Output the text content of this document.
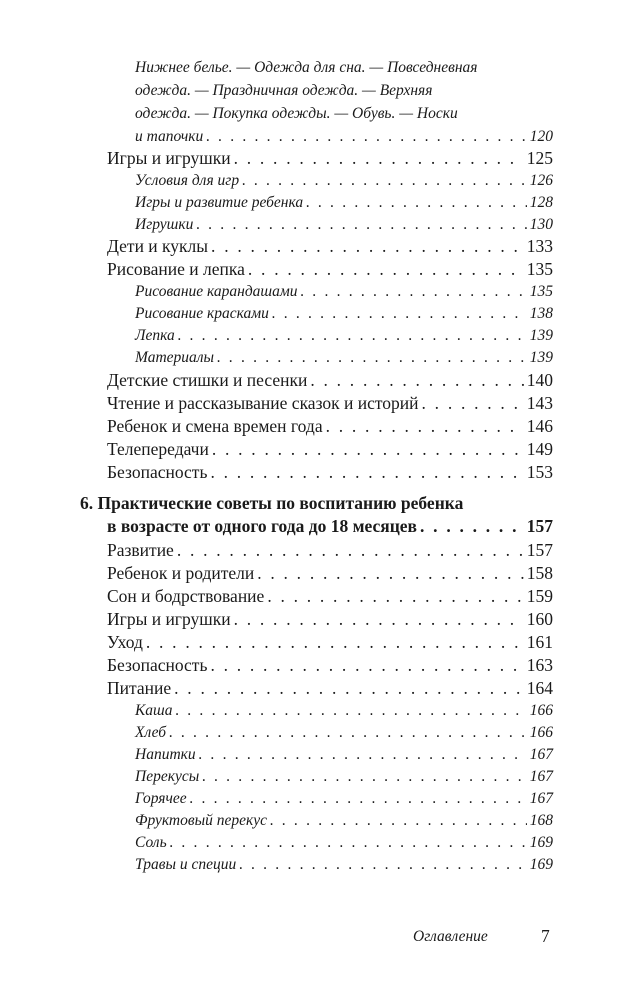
Нижнее белье. — Одежда для сна. — Повседневная
одежда. — Праздничная одежда. — Верхняя
одежда. — Покупка одежды. — Обувь. — Носки
и тапочки . . .	120
Игры и игрушки . . .	125
Условия для игр . . .	126
Игры и развитие ребенка . . .	128
Игрушки . . .	130
Дети и куклы . . .	133
Рисование и лепка . . .	135
Рисование карандашами . . .	135
Рисование красками . . .	138
Лепка . . .	139
Материалы . . .	139
Детские стишки и песенки . . .	140
Чтение и рассказывание сказок и историй . . .	143
Ребенок и смена времен года . . .	146
Телепередачи . . .	149
Безопасность . . .	153
6. Практические советы по воспитанию ребенка
в возрасте от одного года до 18 месяцев . . .	157
Развитие . . .	157
Ребенок и родители . . .	158
Сон и бодрствование . . .	159
Игры и игрушки . . .	160
Уход . . .	161
Безопасность . . .	163
Питание . . .	164
Каша . . .	166
Хлеб . . .	166
Напитки . . .	167
Перекусы . . .	167
Горячее . . .	167
Фруктовый перекус . . .	168
Соль . . .	169
Травы и специи . . .	169
Оглавление	7
